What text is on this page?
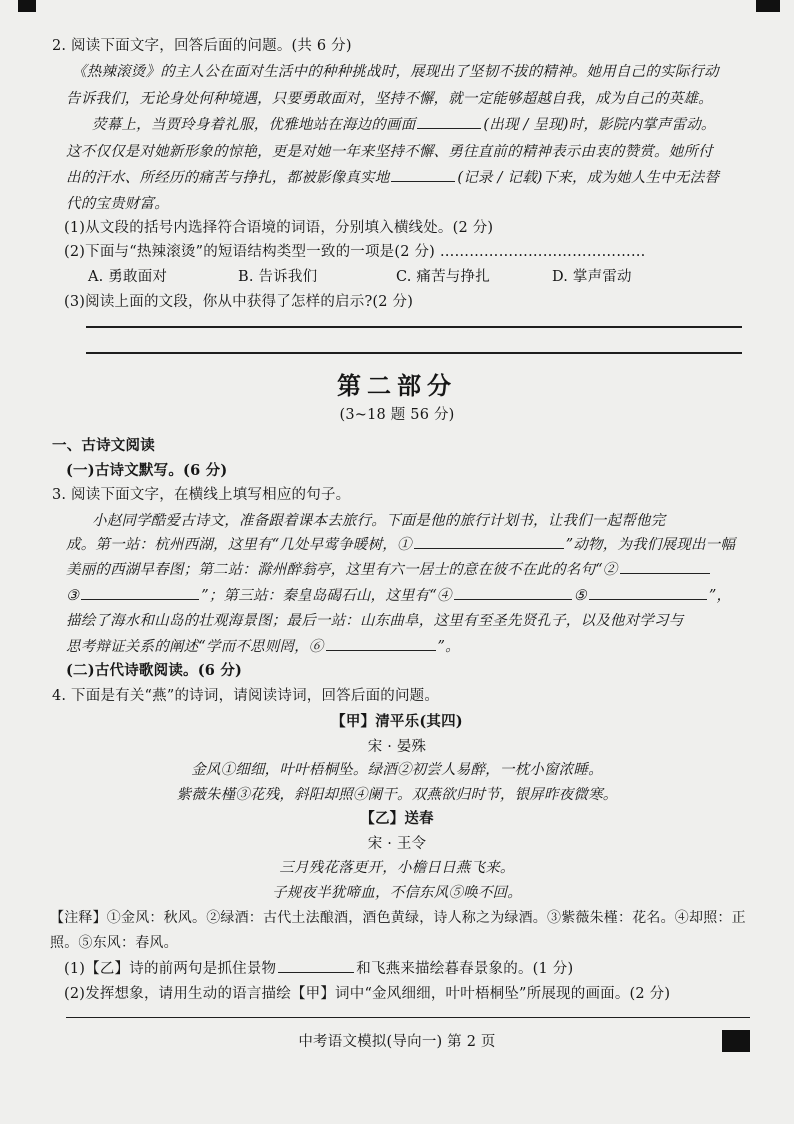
2. 阅读下面文字，回答后面的问题。(共 6 分)
《热辣滚烫》的主人公在面对生活中的种种挑战时，展现出了坚韧不拔的精神。她用自己的实际行动
告诉我们，无论身处何种境遇，只要勇敢面对，坚持不懈，就一定能够超越自我，成为自己的英雄。
荧幕上，当贾玲身着礼服，优雅地站在海边的画面	(出现 / 呈现)时，影院内掌声雷动。
这不仅仅是对她新形象的惊艳，更是对她一年来坚持不懈、勇往直前的精神表示由衷的赞赏。她所付
出的汗水、所经历的痛苦与挣扎，都被影像真实地	(记录 / 记载)下来，成为她人生中无法替
代的宝贵财富。
(1)从文段的括号内选择符合语境的词语，分别填入横线处。(2 分)
(2)下面与“热辣滚烫”的短语结构类型一致的一项是(2 分) ……………………………………
A. 勇敢面对	B. 告诉我们	C. 痛苦与挣扎	D. 掌声雷动
(3)阅读上面的文段，你从中获得了怎样的启示?(2 分)
第二部分
(3~18 题 56 分)
一、古诗文阅读
(一)古诗文默写。(6 分)
3. 阅读下面文字，在横线上填写相应的句子。
小赵同学酷爱古诗文，准备跟着课本去旅行。下面是他的旅行计划书，让我们一起帮他完
成。第一站：杭州西湖，这里有“几处早莺争暖树，①	”动物，为我们展现出一幅
美丽的西湖早春图；第二站：滁州醉翁亭，这里有六一居士的意在彼不在此的名句“②
③	”；第三站：秦皇岛碣石山，这里有“④	⑤	”，
描绘了海水和山岛的壮观海景图；最后一站：山东曲阜，这里有至圣先贤孔子，以及他对学习与
思考辩证关系的阐述“学而不思则罔，⑥	”。
(二)古代诗歌阅读。(6 分)
4. 下面是有关“燕”的诗词，请阅读诗词，回答后面的问题。
【甲】清平乐(其四)
宋 · 晏殊
金风①细细，叶叶梧桐坠。绿酒②初尝人易醉，一枕小窗浓睡。
紫薇朱槿③花残，斜阳却照④阑干。双燕欲归时节，银屏昨夜微寒。
【乙】送春
宋 · 王令
三月残花落更开，小檐日日燕飞来。
子规夜半犹啼血，不信东风⑤唤不回。
【注释】①金风：秋风。②绿酒：古代土法酿酒，酒色黄绿，诗人称之为绿酒。③紫薇朱槿：花名。④却照：正
照。⑤东风：春风。
(1)【乙】诗的前两句是抓住景物	和飞燕来描绘暮春景象的。(1 分)
(2)发挥想象，请用生动的语言描绘【甲】词中“金风细细，叶叶梧桐坠”所展现的画面。(2 分)
中考语文模拟(导向一) 第 2 页
